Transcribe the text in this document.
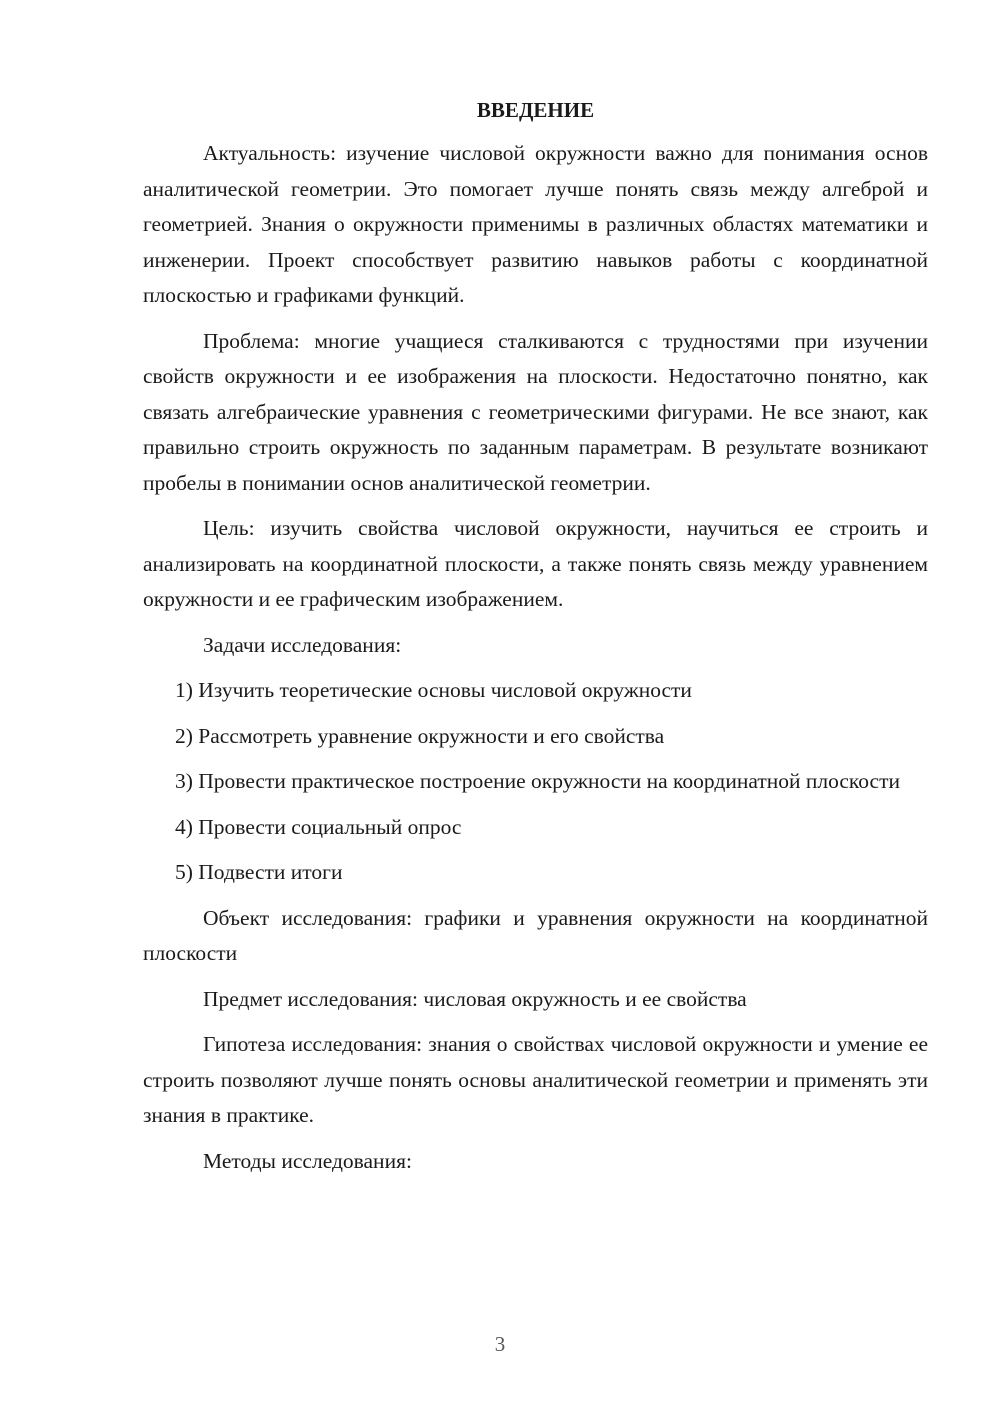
ВВЕДЕНИЕ

Актуальность: изучение числовой окружности важно для понимания основ аналитической геометрии. Это помогает лучше понять связь между алгеброй и геометрией. Знания о окружности применимы в различных областях математики и инженерии. Проект способствует развитию навыков работы с координатной плоскостью и графиками функций.

Проблема: многие учащиеся сталкиваются с трудностями при изучении свойств окружности и ее изображения на плоскости. Недостаточно понятно, как связать алгебраические уравнения с геометрическими фигурами. Не все знают, как правильно строить окружность по заданным параметрам. В результате возникают пробелы в понимании основ аналитической геометрии.

Цель: изучить свойства числовой окружности, научиться ее строить и анализировать на координатной плоскости, а также понять связь между уравнением окружности и ее графическим изображением.

Задачи исследования:

1) Изучить теоретические основы числовой окружности

2) Рассмотреть уравнение окружности и его свойства

3) Провести практическое построение окружности на координатной плоскости

4) Провести социальный опрос

5) Подвести итоги

Объект исследования: графики и уравнения окружности на координатной плоскости

Предмет исследования: числовая окружность и ее свойства

Гипотеза исследования: знания о свойствах числовой окружности и умение ее строить позволяют лучше понять основы аналитической геометрии и применять эти знания в практике.

Методы исследования:

3
